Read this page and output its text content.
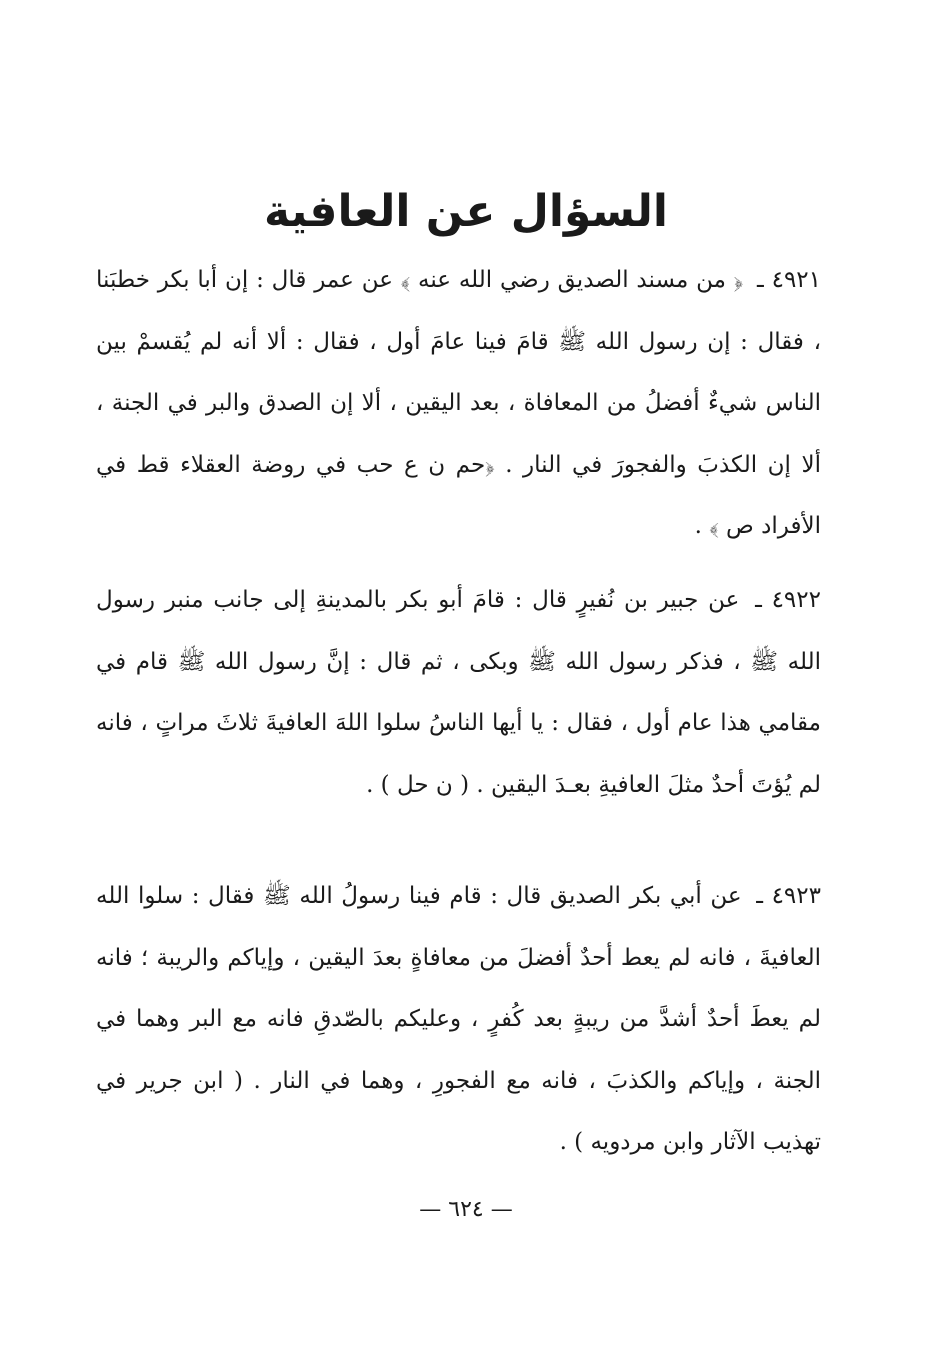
السؤال عن العافية

٤٩٢١ ـ ﴿ من مسند الصديق رضي الله عنه ﴾ عن عمر قال : إن أبا بكر خطبَنا ، فقال : إن رسول الله ﷺ قامَ فينا عامَ أول ، فقال : ألا أنه لم يُقسمْ بين الناس شيءٌ أفضلُ من المعافاة ، بعد اليقين ، ألا إن الصدق والبر في الجنة ، ألا إن الكذبَ والفجورَ في النار . ﴿حم ن ع حب في روضة العقلاء قط في الأفراد ص ﴾ .

٤٩٢٢ ـ عن جبير بن نُفيرٍ قال : قامَ أبو بكر بالمدينةِ إلى جانب منبر رسول الله ﷺ ، فذكر رسول الله ﷺ وبكى ، ثم قال : إنَّ رسول الله ﷺ قام في مقامي هذا عام أول ، فقال : يا أيها الناسُ سلوا اللهَ العافيةَ ثلاثَ مراتٍ ، فانه لم يُؤتَ أحدٌ مثلَ العافيةِ بعـدَ اليقين . ( ن حل ) .

٤٩٢٣ ـ عن أبي بكر الصديق قال : قام فينا رسولُ الله ﷺ فقال : سلوا الله العافيةَ ، فانه لم يعط أحدٌ أفضلَ من معافاةٍ بعدَ اليقين ، وإياكم والريبة ؛ فانه لم يعطَ أحدٌ أشدَّ من ريبةٍ بعد كُفرٍ ، وعليكم بالصّدقِ فانه مع البر وهما في الجنة ، وإياكم والكذبَ ، فانه مع الفجورِ ، وهما في النار . ( ابن جرير في تهذيب الآثار وابن مردويه ) .

— ٦٢٤ —
